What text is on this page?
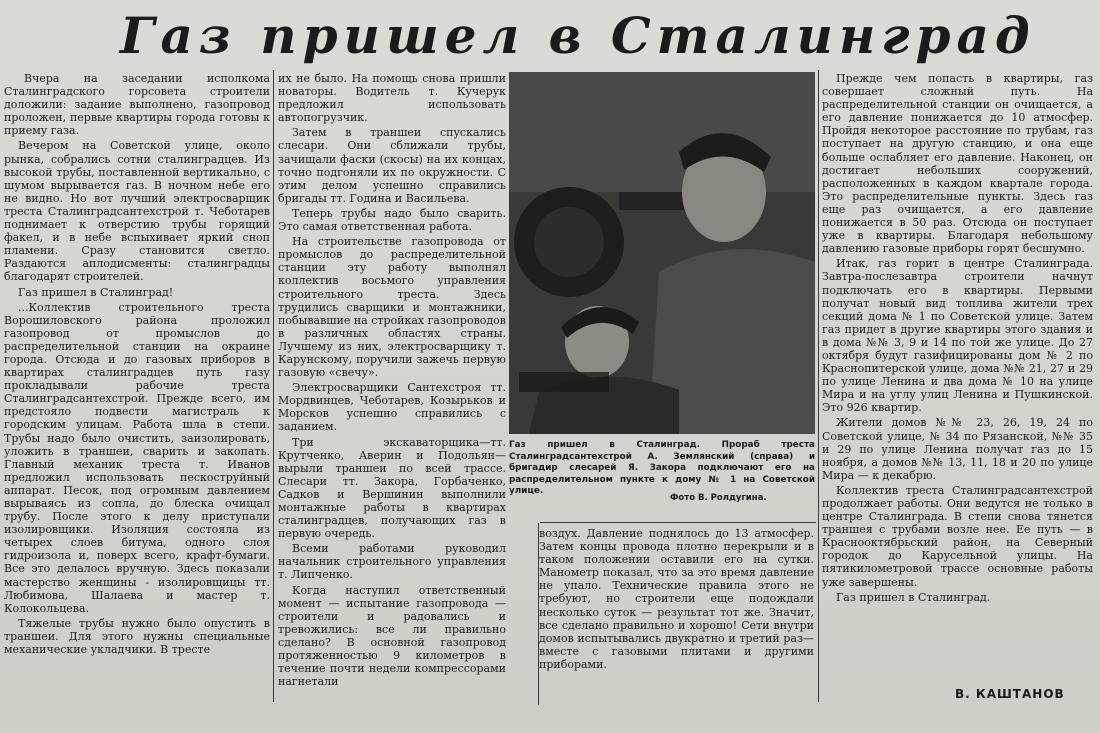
Газ пришел в Сталинград

Вчера на заседании исполкома Сталинградского горсовета строители доложили: задание выполнено, газопровод проложен, первые квартиры города готовы к приему газа.

Вечером на Советской улице, около рынка, собрались сотни сталинградцев. Из высокой трубы, поставленной вертикально, с шумом вырывается газ. В ночном небе его не видно. Но вот лучший электросварщик треста Сталинградсантехстрой т. Чеботарев поднимает к отверстию трубы горящий факел, и в небе вспыхивает яркий сноп пламени. Сразу становится светло. Раздаются аплодисменты: сталинградцы благодарят строителей.

Газ пришел в Сталинград!

...Коллектив строительного треста Ворошиловского района проложил газопровод от промыслов до распределительной станции на окраине города. Отсюда и до газовых приборов в квартирах сталинградцев путь газу прокладывали рабочие треста Сталинградсантехстрой. Прежде всего, им предстояло подвести магистраль к городским улицам. Работа шла в степи. Трубы надо было очистить, заизолировать, уложить в траншеи, сварить и закопать. Главный механик треста т. Иванов предложил использовать пескоструйный аппарат. Песок, под огромным давлением вырываясь из сопла, до блеска очищал трубу. После этого к делу приступали изолировщики. Изоляция состояла из четырех слоев битума, одного слоя гидроизола и, поверх всего, крафт-бумаги. Все это делалось вручную. Здесь показали мастерство женщины - изолировщицы тт. Любимова, Шалаева и мастер т. Колокольцева.

Тяжелые трубы нужно было опустить в траншеи. Для этого нужны специальные механические укладчики. В тресте

их не было. На помощь снова пришли новаторы. Водитель т. Кучерук предложил использовать автопогрузчик.

Затем в траншеи спускались слесари. Они сближали трубы, зачищали фаски (скосы) на их концах, точно подгоняли их по окружности. С этим делом успешно справились бригады тт. Година и Васильева.

Теперь трубы надо было сварить. Это самая ответственная работа.

На строительстве газопровода от промыслов до распределительной станции эту работу выполнял коллектив восьмого управления строительного треста. Здесь трудились сварщики и монтажники, побывавшие на стройках газопроводов в различных областях страны. Лучшему из них, электросварщику т. Карунскому, поручили зажечь первую газовую «свечу».

Электросварщики Сантехстроя тт. Мордвинцев, Чеботарев, Козырьков и Морсков успешно справились с заданием.

Три экскаваторщика—тт. Крутченко, Аверин и Подольян—вырыли траншеи по всей трассе. Слесари тт. Закора, Горбаченко, Садков и Вершинин выполнили монтажные работы в квартирах сталинградцев, получающих газ в первую очередь.

Всеми работами руководил начальник строительного управления т. Липченко.

Когда наступил ответственный момент — испытание газопровода — строители и радовались и тревожились: все ли правильно сделано? В основной газопровод протяженностью 9 километров в течение почти недели компрессорами нагнетали

Газ пришел в Сталинград. Прораб треста Сталинградсантехстрой А. Землянский (справа) и бригадир слесарей Я. Закора подключают его на распределительном пункте к дому № 1 на Советской улице.
Фото В. Ролдугина.

воздух. Давление поднялось до 13 атмосфер. Затем концы провода плотно перекрыли и в таком положении оставили его на сутки. Манометр показал, что за это время давление не упало. Технические правила этого не требуют, но строители еще подождали несколько суток — результат тот же. Значит, все сделано правильно и хорошо! Сети внутри домов испытывались двукратно и третий раз— вместе с газовыми плитами и другими приборами.

Прежде чем попасть в квартиры, газ совершает сложный путь. На распределительной станции он очищается, а его давление понижается до 10 атмосфер. Пройдя некоторое расстояние по трубам, газ поступает на другую станцию, и она еще больше ослабляет его давление. Наконец, он достигает небольших сооружений, расположенных в каждом квартале города. Это распределительные пункты. Здесь газ еще раз очищается, а его давление понижается в 50 раз. Отсюда он поступает уже в квартиры. Благодаря небольшому давлению газовые приборы горят бесшумно.

Итак, газ горит в центре Сталинграда. Завтра-послезавтра строители начнут подключать его в квартиры. Первыми получат новый вид топлива жители трех секций дома № 1 по Советской улице. Затем газ придет в другие квартиры этого здания и в дома №№ 3, 9 и 14 по той же улице. До 27 октября будут газифицированы дом № 2 по Краснопитерской улице, дома №№ 21, 27 и 29 по улице Ленина и два дома № 10 на улице Мира и на углу улиц Ленина и Пушкинской. Это 926 квартир.

Жители домов №№ 23, 26, 19, 24 по Советской улице, № 34 по Рязанской, №№ 35 и 29 по улице Ленина получат газ до 15 ноября, а домов №№ 13, 11, 18 и 20 по улице Мира — к декабрю.

Коллектив треста Сталинградсантехстрой продолжает работы. Они ведутся не только в центре Сталинграда. В степи снова тянется траншея с трубами возле нее. Ее путь — в Краснооктябрьский район, на Северный городок до Карусельной улицы. На пятикилометровой трассе основные работы уже завершены.

Газ пришел в Сталинград.

В. КАШТАНОВ
